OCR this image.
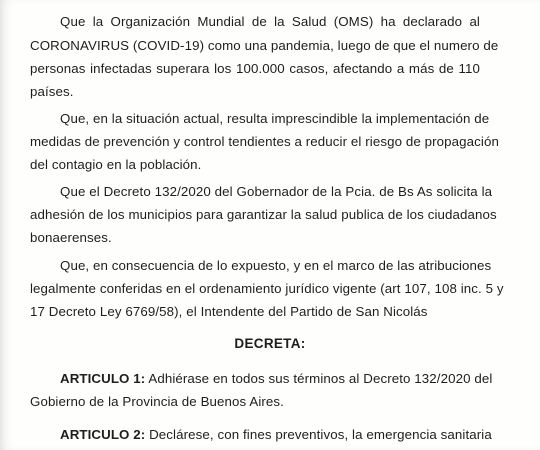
Que la Organización Mundial de la Salud (OMS) ha declarado al
CORONAVIRUS (COVID-19) como una pandemia, luego de que el numero de
personas infectadas superara los 100.000 casos, afectando a más de 110
países.
Que, en la situación actual, resulta imprescindible la implementación de
medidas de prevención y control tendientes a reducir el riesgo de propagación
del contagio en la población.
Que el Decreto 132/2020 del Gobernador de la Pcia. de Bs As solicita la
adhesión de los municipios para garantizar la salud publica de los ciudadanos
bonaerenses.
Que, en consecuencia de lo expuesto, y en el marco de las atribuciones
legalmente conferidas en el ordenamiento jurídico vigente (art 107, 108 inc. 5 y
17 Decreto Ley 6769/58), el Intendente del Partido de San Nicolás
DECRETA:
ARTICULO 1: Adhiérase en todos sus términos al Decreto 132/2020 del
Gobierno de la Provincia de Buenos Aires.
ARTICULO 2: Declárese, con fines preventivos, la emergencia sanitaria
